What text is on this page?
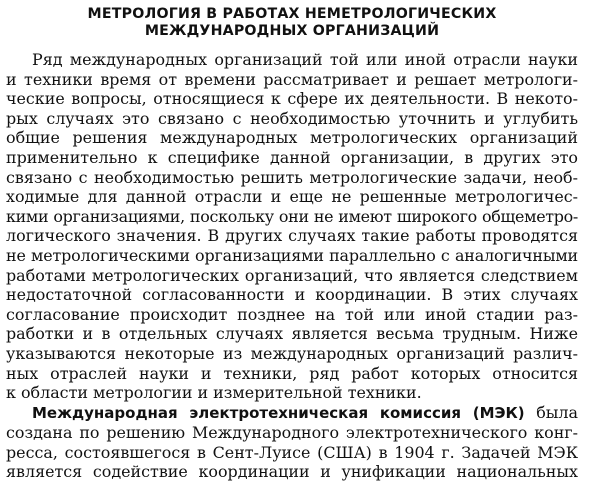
МЕТРОЛОГИЯ В РАБОТАХ НЕМЕТРОЛОГИЧЕСКИХ
МЕЖДУНАРОДНЫХ ОРГАНИЗАЦИЙ
Ряд международных организаций той или иной отрасли науки
и техники время от времени рассматривает и решает метрологи-
ческие вопросы, относящиеся к сфере их деятельности. В некото-
рых случаях это связано с необходимостью уточнить и углубить
общие решения международных метрологических организаций
применительно к специфике данной организации, в других это
связано с необходимостью решить метрологические задачи, необ-
ходимые для данной отрасли и еще не решенные метрологичес-
кими организациями, поскольку они не имеют широкого общеметро-
логического значения. В других случаях такие работы проводятся
не метрологическими организациями параллельно с аналогичными
работами метрологических организаций, что является следствием
недостаточной согласованности и координации. В этих случаях
согласование происходит позднее на той или иной стадии раз-
работки и в отдельных случаях является весьма трудным. Ниже
указываются некоторые из международных организаций различ-
ных отраслей науки и техники, ряд работ которых относится
к области метрологии и измерительной техники.
Международная электротехническая комиссия (МЭК) была
создана по решению Международного электротехнического конг-
ресса, состоявшегося в Сент-Луисе (США) в 1904 г. Задачей МЭК
является содействие координации и унификации национальных
